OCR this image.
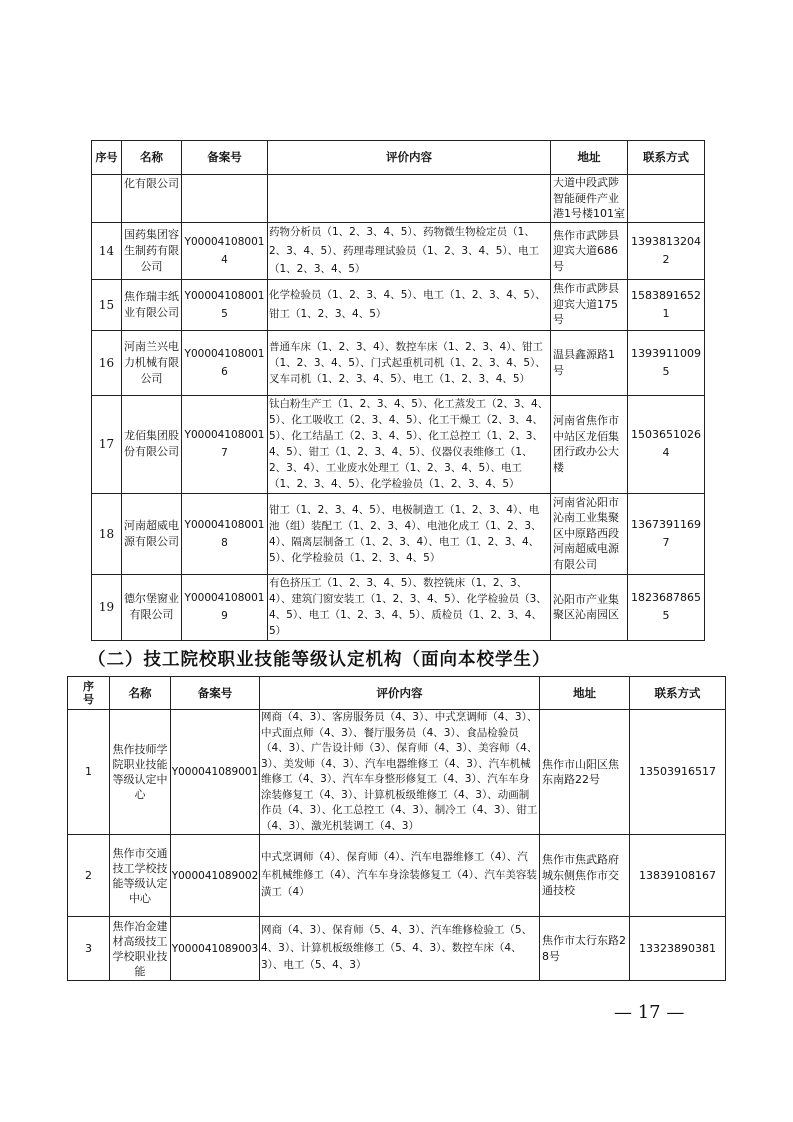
序号	名称	备案号	评价内容	地址	联系方式
	化有限公司			大道中段武陟智能硬件产业港1号楼101室	
14	国药集团容生制药有限公司	Y000041080014	药物分析员（1、2、3、4、5）、药物微生物检定员（1、2、3、4、5）、药理毒理试验员（1、2、3、4、5）、电工（1、2、3、4、5）	焦作市武陟县迎宾大道686号	13938132042
15	焦作瑞丰纸业有限公司	Y000041080015	化学检验员（1、2、3、4、5）、电工（1、2、3、4、5）、钳工（1、2、3、4、5）	焦作市武陟县迎宾大道175号	15838916521
16	河南兰兴电力机械有限公司	Y000041080016	普通车床（1、2、3、4）、数控车床（1、2、3、4）、钳工（1、2、3、4、5）、门式起重机司机（1、2、3、4、5）、叉车司机（1、2、3、4、5）、电工（1、2、3、4、5）	温县鑫源路1号	13939110095
17	龙佰集团股份有限公司	Y000041080017	钛白粉生产工（1、2、3、4、5）、化工蒸发工（2、3、4、5）、化工吸收工（2、3、4、5）、化工干燥工（2、3、4、5）、化工结晶工（2、3、4、5）、化工总控工（1、2、3、4、5）、钳工（1、2、3、4、5）、仪器仪表维修工（1、2、3、4）、工业废水处理工（1、2、3、4、5）、电工（1、2、3、4、5）、化学检验员（1、2、3、4、5）	河南省焦作市中站区龙佰集团行政办公大楼	15036510264
18	河南超威电源有限公司	Y000041080018	钳工（1、2、3、4、5）、电极制造工（1、2、3、4）、电池（组）装配工（1、2、3、4）、电池化成工（1、2、3、4）、隔离层制备工（1、2、3、4）、电工（1、2、3、4、5）、化学检验员（1、2、3、4、5）	河南省沁阳市沁南工业集聚区中原路西段河南超威电源有限公司	13673911697
19	德尔堡窗业有限公司	Y000041080019	有色挤压工（1、2、3、4、5）、数控铣床（1、2、3、4）、建筑门窗安装工（1、2、3、4、5）、化学检验员（3、4、5）、电工（1、2、3、4、5）、质检员（1、2、3、4、5）	沁阳市产业集聚区沁南园区	18236878655
（二）技工院校职业技能等级认定机构（面向本校学生）
序号	名称	备案号	评价内容	地址	联系方式
1	焦作技师学院职业技能等级认定中心	Y000041089001	网商（4、3）、客房服务员（4、3）、中式烹调师（4、3）、中式面点师（4、3）、餐厅服务员（4、3）、食品检验员（4、3）、广告设计师（3）、保育师（4、3）、美容师（4、3）、美发师（4、3）、汽车电器维修工（4、3）、汽车机械维修工（4、3）、汽车车身整形修复工（4、3）、汽车车身涂装修复工（4、3）、计算机板级维修工（4、3）、动画制作员（4、3）、化工总控工（4、3）、制冷工（4、3）、钳工（4、3）、激光机装调工（4、3）	焦作市山阳区焦东南路22号	13503916517
2	焦作市交通技工学校技能等级认定中心	Y000041089002	中式烹调师（4）、保育师（4）、汽车电器维修工（4）、汽车机械维修工（4）、汽车车身涂装修复工（4）、汽车美容装潢工（4）	焦作市焦武路府城东侧焦作市交通技校	13839108167
3	焦作冶金建材高级技工学校职业技能	Y000041089003	网商（4、3）、保育师（5、4、3）、汽车维修检验工（5、4、3）、计算机板级维修工（5、4、3）、数控车床（4、3）、电工（5、4、3）	焦作市太行东路28号	13323890381
— 17 —
